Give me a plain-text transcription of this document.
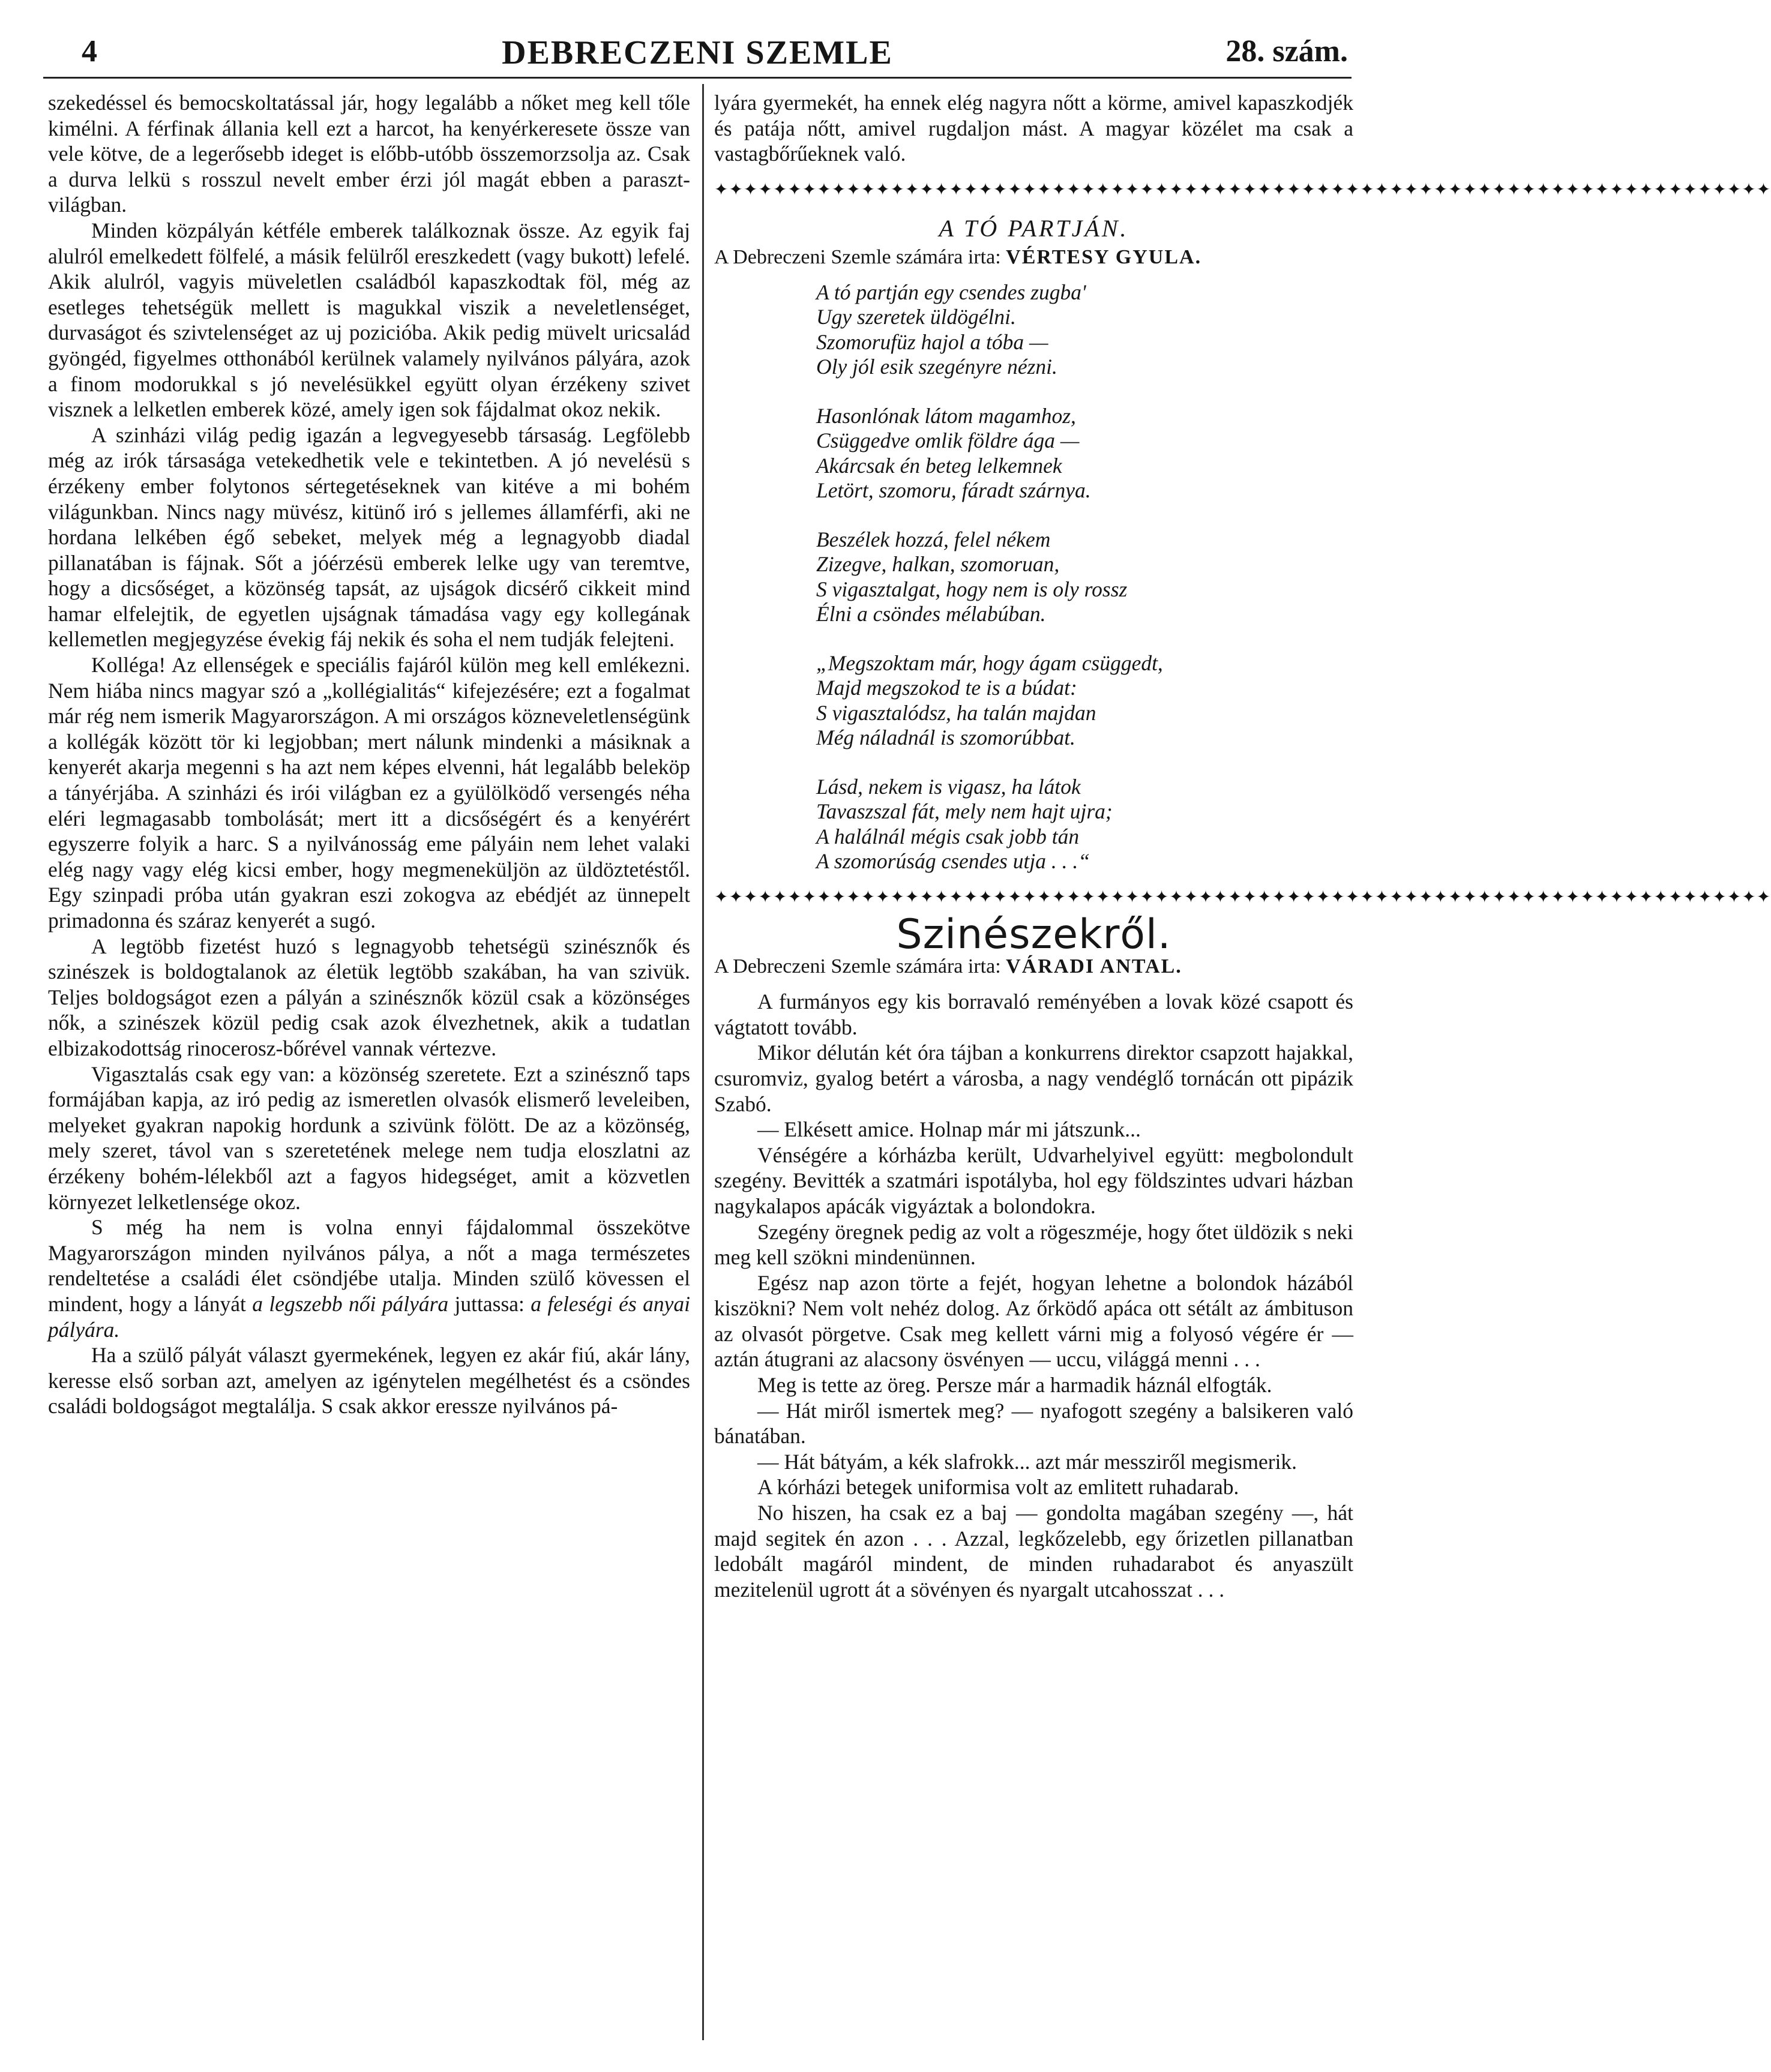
4	DEBRECZENI SZEMLE	28. szám.

szekedéssel és bemocskoltatással jár, hogy legalább a nőket meg kell tőle kimélni. A férfinak állania kell ezt a harcot, ha kenyérkeresete össze van vele kötve, de a legerősebb ideget is előbb-utóbb összemorzsolja az. Csak a durva lelkü s rosszul nevelt ember érzi jól magát ebben a paraszt-világban.

Minden közpályán kétféle emberek találkoznak össze. Az egyik faj alulról emelkedett fölfelé, a másik felülről ereszkedett (vagy bukott) lefelé. Akik alulról, vagyis müveletlen családból kapaszkodtak föl, még az esetleges tehetségük mellett is magukkal viszik a neveletlenséget, durvaságot és szivtelenséget az uj pozicióba. Akik pedig müvelt uricsalád gyöngéd, figyelmes otthonából kerülnek valamely nyilvános pályára, azok a finom modorukkal s jó nevelésükkel együtt olyan érzékeny szivet visznek a lelketlen emberek közé, amely igen sok fájdalmat okoz nekik.

A szinházi világ pedig igazán a legvegyesebb társaság. Legfölebb még az irók társasága vetekedhetik vele e tekintetben. A jó nevelésü s érzékeny ember folytonos sértegetéseknek van kitéve a mi bohém világunkban. Nincs nagy müvész, kitünő iró s jellemes államférfi, aki ne hordana lelkében égő sebeket, melyek még a legnagyobb diadal pillanatában is fájnak. Sőt a jóérzésü emberek lelke ugy van teremtve, hogy a dicsőséget, a közönség tapsát, az ujságok dicsérő cikkeit mind hamar elfelejtik, de egyetlen ujságnak támadása vagy egy kollegának kellemetlen megjegyzése évekig fáj nekik és soha el nem tudják felejteni.

Kolléga! Az ellenségek e speciális fajáról külön meg kell emlékezni. Nem hiába nincs magyar szó a „kollégialitás“ kifejezésére; ezt a fogalmat már rég nem ismerik Magyarországon. A mi országos közneveletlenségünk a kollégák között tör ki legjobban; mert nálunk mindenki a másiknak a kenyerét akarja megenni s ha azt nem képes elvenni, hát legalább beleköp a tányérjába. A szinházi és irói világban ez a gyülölködő versengés néha eléri legmagasabb tombolását; mert itt a dicsőségért és a kenyérért egyszerre folyik a harc. S a nyilvánosság eme pályáin nem lehet valaki elég nagy vagy elég kicsi ember, hogy megmeneküljön az üldöztetéstől. Egy szinpadi próba után gyakran eszi zokogva az ebédjét az ünnepelt primadonna és száraz kenyerét a sugó.

A legtöbb fizetést huzó s legnagyobb tehetségü szinésznők és szinészek is boldogtalanok az életük legtöbb szakában, ha van szivük. Teljes boldogságot ezen a pályán a szinésznők közül csak a közönséges nők, a szinészek közül pedig csak azok élvezhetnek, akik a tudatlan elbizakodottság rinocerosz-bőrével vannak vértezve.

Vigasztalás csak egy van: a közönség szeretete. Ezt a szinésznő taps formájában kapja, az iró pedig az ismeretlen olvasók elismerő leveleiben, melyeket gyakran napokig hordunk a szivünk fölött. De az a közönség, mely szeret, távol van s szeretetének melege nem tudja eloszlatni az érzékeny bohém-lélekből azt a fagyos hidegséget, amit a közvetlen környezet lelketlensége okoz.

S még ha nem is volna ennyi fájdalommal összekötve Magyarországon minden nyilvános pálya, a nőt a maga természetes rendeltetése a családi élet csöndjébe utalja. Minden szülő kövessen el mindent, hogy a lányát a legszebb női pályára juttassa: a feleségi és anyai pályára.

Ha a szülő pályát választ gyermekének, legyen ez akár fiú, akár lány, keresse első sorban azt, amelyen az igénytelen megélhetést és a csöndes családi boldogságot megtalálja. S csak akkor eressze nyilvános pá-

lyára gyermekét, ha ennek elég nagyra nőtt a körme, amivel kapaszkodjék és patája nőtt, amivel rugdaljon mást. A magyar közélet ma csak a vastagbőrűeknek való.

✦✦✦✦✦✦✦✦✦✦✦✦✦✦✦✦✦✦✦✦✦✦✦✦✦✦✦✦✦✦✦✦✦✦✦✦✦✦✦✦✦✦✦✦✦✦✦✦✦✦✦✦✦✦✦✦✦✦✦✦✦✦✦✦✦✦✦✦✦✦✦✦
A TÓ PARTJÁN.
A Debreczeni Szemle számára irta: VÉRTESY GYULA.
A tó partján egy csendes zugba'
Ugy szeretek üldögélni.
Szomorufüz hajol a tóba —
Oly jól esik szegényre nézni.
Hasonlónak látom magamhoz,
Csüggedve omlik földre ága —
Akárcsak én beteg lelkemnek
Letört, szomoru, fáradt szárnya.
Beszélek hozzá, felel nékem
Zizegve, halkan, szomoruan,
S vigasztalgat, hogy nem is oly rossz
Élni a csöndes mélabúban.
„Megszoktam már, hogy ágam csüggedt,
Majd megszokod te is a búdat:
S vigasztalódsz, ha talán majdan
Még náladnál is szomorúbbat.
Lásd, nekem is vigasz, ha látok
Tavaszszal fát, mely nem hajt ujra;
A halálnál mégis csak jobb tán
A szomorúság csendes utja . . .“
✦✦✦✦✦✦✦✦✦✦✦✦✦✦✦✦✦✦✦✦✦✦✦✦✦✦✦✦✦✦✦✦✦✦✦✦✦✦✦✦✦✦✦✦✦✦✦✦✦✦✦✦✦✦✦✦✦✦✦✦✦✦✦✦✦✦✦✦✦✦✦✦
Szinészekről.
A Debreczeni Szemle számára irta: VÁRADI ANTAL.

A furmányos egy kis borravaló reményében a lovak közé csapott és vágtatott tovább.

Mikor délután két óra tájban a konkurrens direktor csapzott hajakkal, csuromviz, gyalog betért a városba, a nagy vendéglő tornácán ott pipázik Szabó.

— Elkésett amice. Holnap már mi játszunk...

Vénségére a kórházba került, Udvarhelyivel együtt: megbolondult szegény. Bevitték a szatmári ispotályba, hol egy földszintes udvari házban nagykalapos apácák vigyáztak a bolondokra.

Szegény öregnek pedig az volt a rögeszméje, hogy őtet üldözik s neki meg kell szökni mindenünnen.

Egész nap azon törte a fejét, hogyan lehetne a bolondok házából kiszökni? Nem volt nehéz dolog. Az őrködő apáca ott sétált az ámbituson az olvasót pörgetve. Csak meg kellett várni mig a folyosó végére ér — aztán átugrani az alacsony ösvényen — uccu, világgá menni . . .

Meg is tette az öreg. Persze már a harmadik háznál elfogták.

— Hát miről ismertek meg? — nyafogott szegény a balsikeren való bánatában.

— Hát bátyám, a kék slafrokk... azt már messziről megismerik.

A kórházi betegek uniformisa volt az emlitett ruhadarab.

No hiszen, ha csak ez a baj — gondolta magában szegény —, hát majd segitek én azon . . . Azzal, legkőzelebb, egy őrizetlen pillanatban ledobált magáról mindent, de minden ruhadarabot és anyaszült mezitelenül ugrott át a sövényen és nyargalt utcahosszat . . .
